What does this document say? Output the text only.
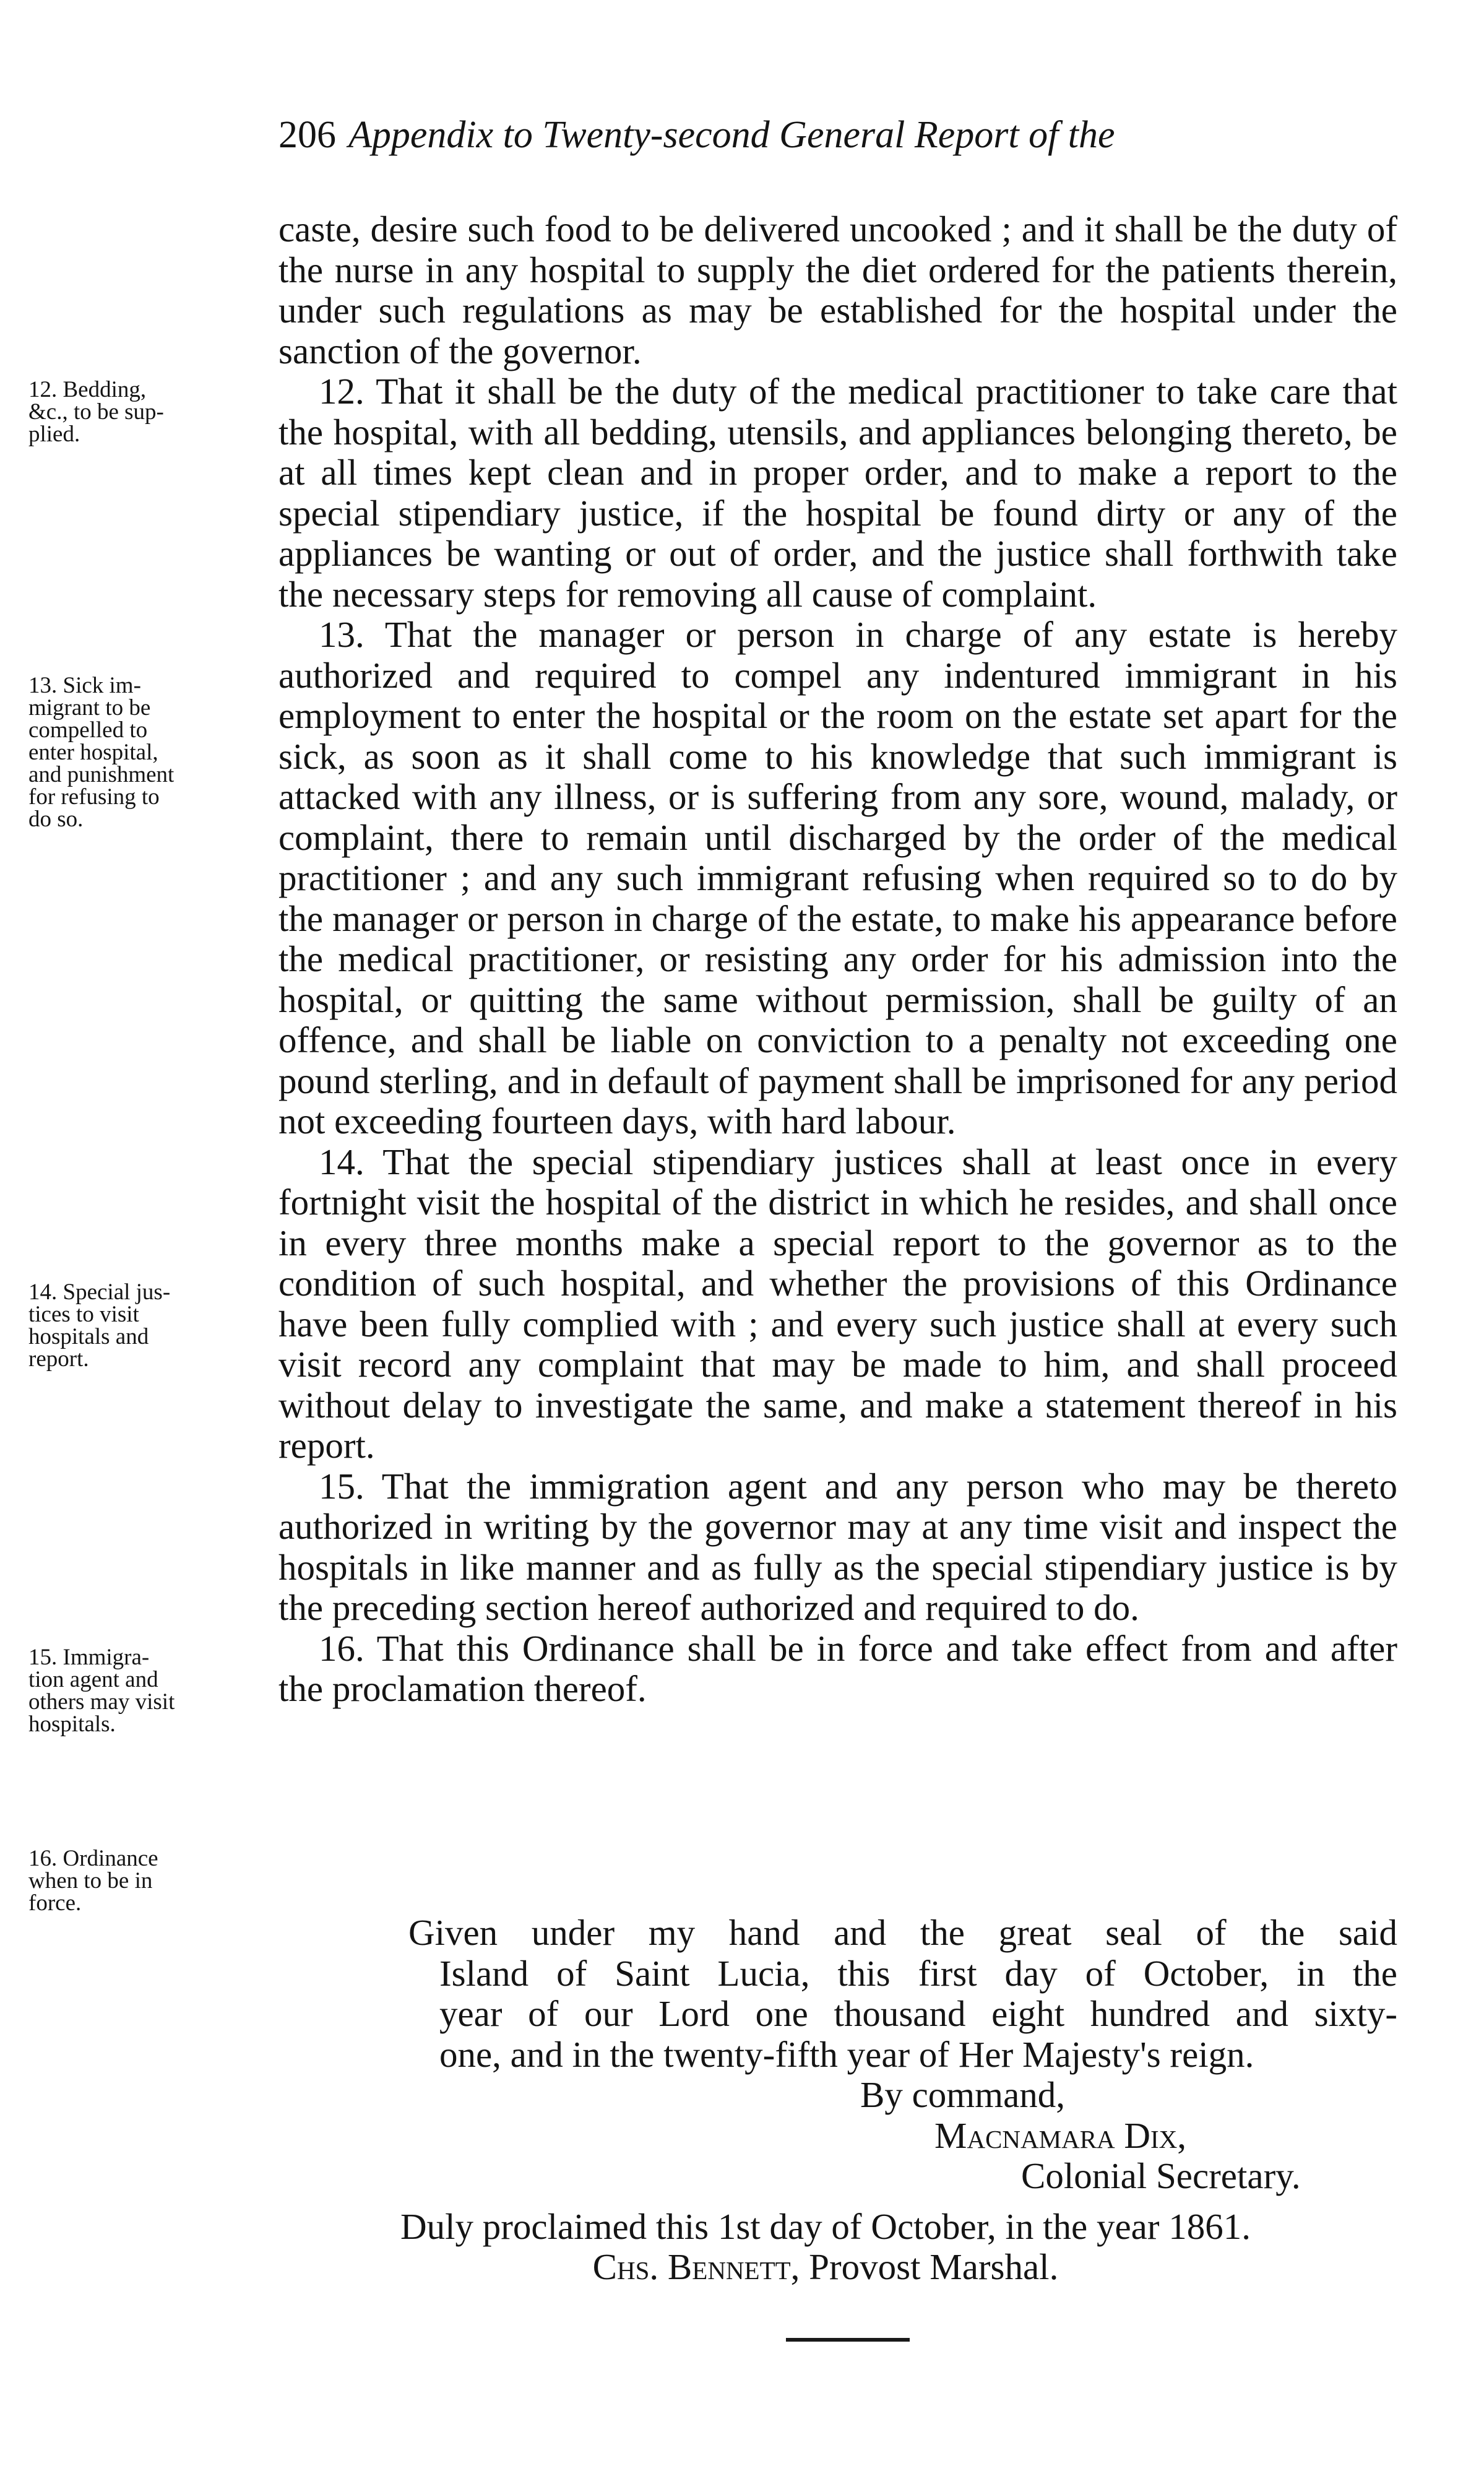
206 Appendix to Twenty-second General Report of the

caste, desire such food to be delivered uncooked ; and it shall be the duty of the nurse in any hospital to supply the diet ordered for the patients therein, under such regulations as may be established for the hospital under the sanction of the governor.

12. That it shall be the duty of the medical practitioner to take care that the hospital, with all bedding, utensils, and appliances belonging thereto, be at all times kept clean and in proper order, and to make a report to the special stipendiary justice, if the hospital be found dirty or any of the appliances be wanting or out of order, and the justice shall forthwith take the necessary steps for removing all cause of complaint.

13. That the manager or person in charge of any estate is hereby authorized and required to compel any indentured immigrant in his employment to enter the hospital or the room on the estate set apart for the sick, as soon as it shall come to his knowledge that such immigrant is attacked with any illness, or is suffering from any sore, wound, malady, or complaint, there to remain until discharged by the order of the medical practitioner ; and any such immigrant refusing when required so to do by the manager or person in charge of the estate, to make his appearance before the medical practitioner, or resisting any order for his admission into the hospital, or quitting the same without permission, shall be guilty of an offence, and shall be liable on conviction to a penalty not exceeding one pound sterling, and in default of payment shall be imprisoned for any period not exceeding fourteen days, with hard labour.

14. That the special stipendiary justices shall at least once in every fortnight visit the hospital of the district in which he resides, and shall once in every three months make a special report to the governor as to the condition of such hospital, and whether the provisions of this Ordinance have been fully complied with ; and every such justice shall at every such visit record any complaint that may be made to him, and shall proceed without delay to investigate the same, and make a statement thereof in his report.

15. That the immigration agent and any person who may be thereto authorized in writing by the governor may at any time visit and inspect the hospitals in like manner and as fully as the special stipendiary justice is by the preceding section hereof authorized and required to do.

16. That this Ordinance shall be in force and take effect from and after the proclamation thereof.

12. Bedding,
&c., to be sup-
plied.
13. Sick im-
migrant to be
compelled to
enter hospital,
and punishment
for refusing to
do so.
14. Special jus-
tices to visit
hospitals and
report.
15. Immigra-
tion agent and
others may visit
hospitals.
16. Ordinance
when to be in
force.
Given under my hand and the great seal of the said
Island of Saint Lucia, this first day of October, in the
year of our Lord one thousand eight hundred and sixty-
one, and in the twenty-fifth year of Her Majesty's reign.
By command,
Macnamara Dix,
Colonial Secretary.
Duly proclaimed this 1st day of October, in the year 1861.
Chs. Bennett, Provost Marshal.
